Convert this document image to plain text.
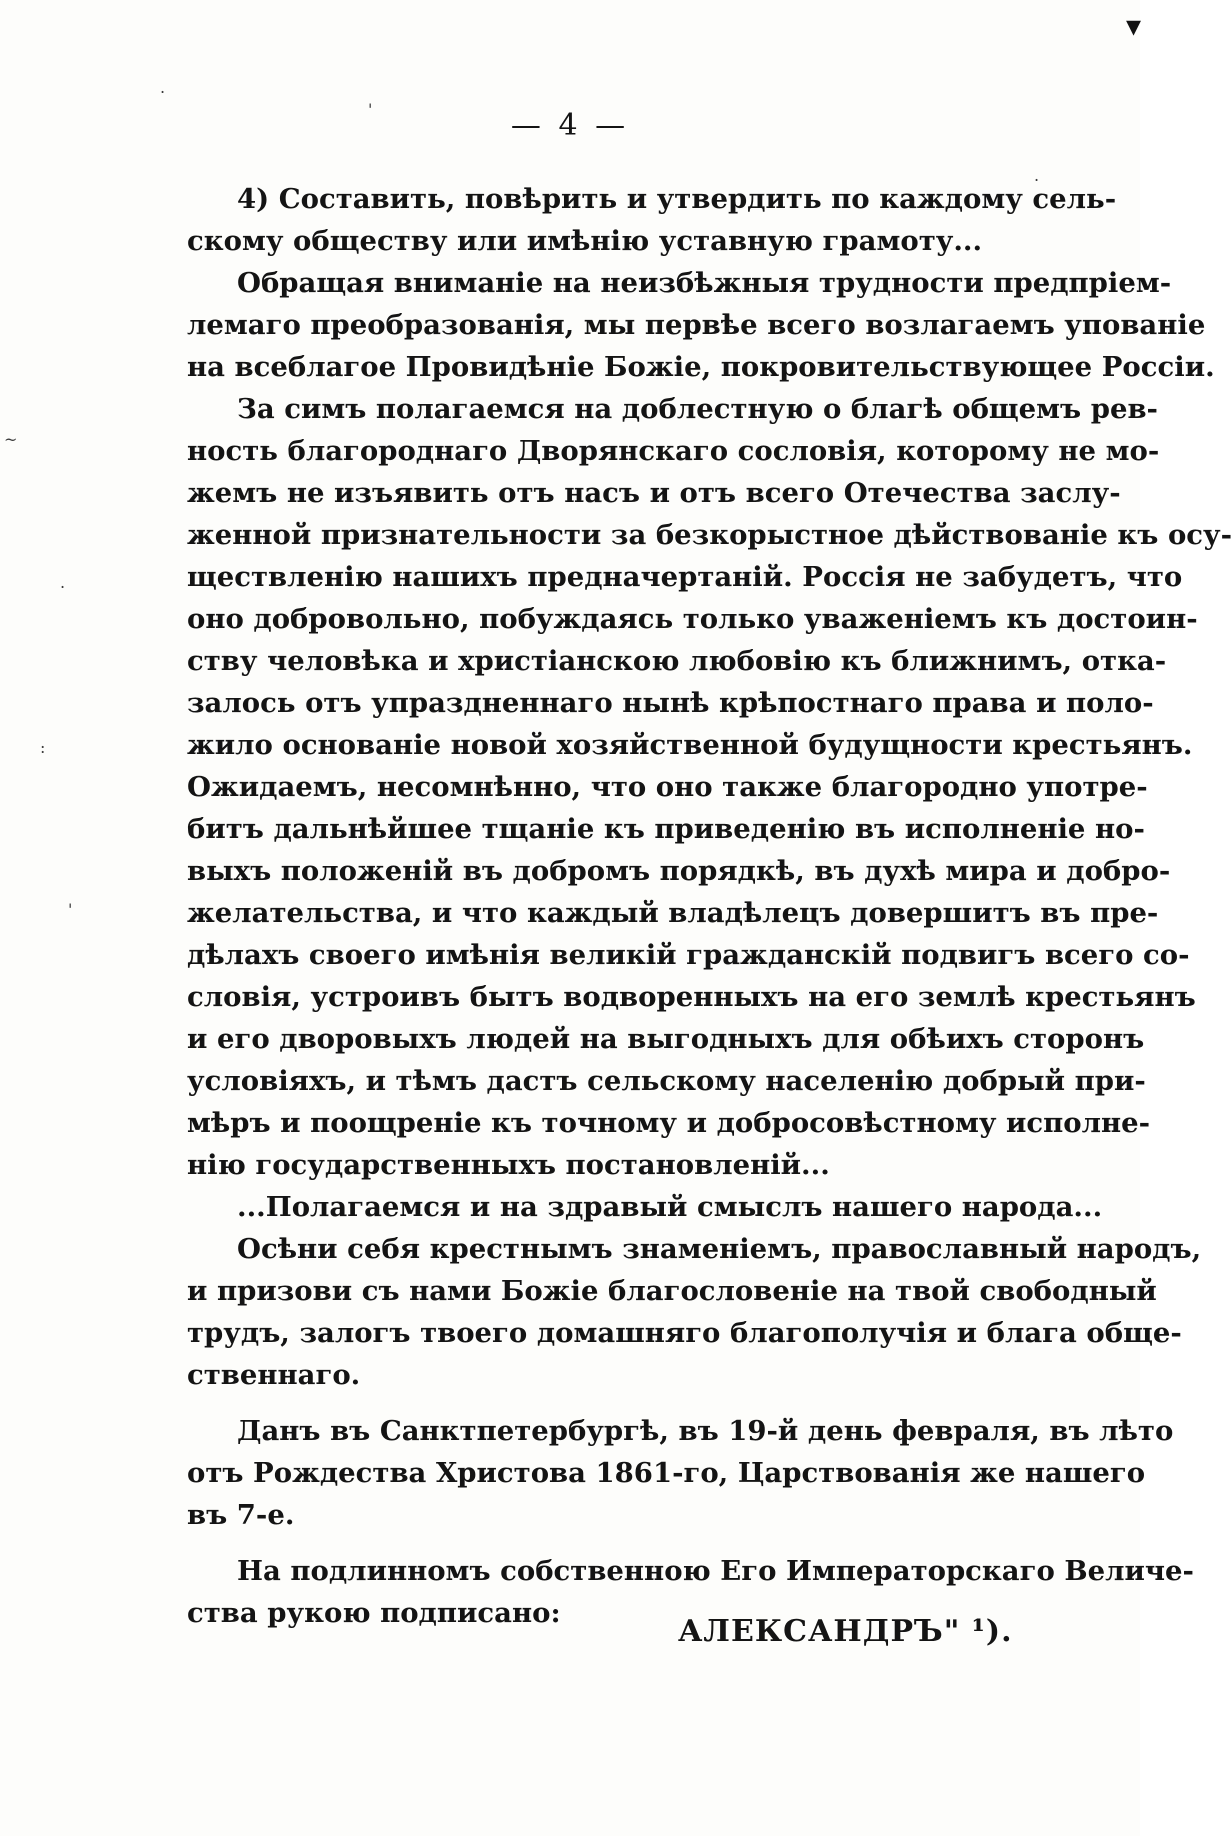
— 4 —
4) Составить, повѣрить и утвердить по каждому сель-
скому обществу или имѣнію уставную грамоту...
Обращая вниманіе на неизбѣжныя трудности предпріем-
лемаго преобразованія, мы первѣе всего возлагаемъ упованіе
на всеблагое Провидѣніе Божіе, покровительствующее Россіи.
За симъ полагаемся на доблестную о благѣ общемъ рев-
ность благороднаго Дворянскаго сословія, которому не мо-
жемъ не изъявить отъ насъ и отъ всего Отечества заслу-
женной признательности за безкорыстное дѣйствованіе къ осу-
ществленію нашихъ предначертаній. Россія не забудетъ, что
оно добровольно, побуждаясь только уваженіемъ къ достоин-
ству человѣка и христіанскою любовію къ ближнимъ, отка-
залось отъ упраздненнаго нынѣ крѣпостнаго права и поло-
жило основаніе новой хозяйственной будущности крестьянъ.
Ожидаемъ, несомнѣнно, что оно также благородно употре-
битъ дальнѣйшее тщаніе къ приведенію въ исполненіе но-
выхъ положеній въ добромъ порядкѣ, въ духѣ мира и добро-
желательства, и что каждый владѣлецъ довершитъ въ пре-
дѣлахъ своего имѣнія великій гражданскій подвигъ всего со-
словія, устроивъ бытъ водворенныхъ на его землѣ крестьянъ
и его дворовыхъ людей на выгодныхъ для обѣихъ сторонъ
условіяхъ, и тѣмъ дастъ сельскому населенію добрый при-
мѣръ и поощреніе къ точному и добросовѣстному исполне-
нію государственныхъ постановленій...
...Полагаемся и на здравый смыслъ нашего народа...
Осѣни себя крестнымъ знаменіемъ, православный народъ,
и призови съ нами Божіе благословеніе на твой свободный
трудъ, залогъ твоего домашняго благополучія и блага обще-
ственнаго.
Данъ въ Санктпетербургѣ, въ 19-й день февраля, въ лѣто
отъ Рождества Христова 1861-го, Царствованія же нашего
въ 7-е.
На подлинномъ собственною Его Императорскаго Величе-
ства рукою подписано:
АЛЕКСАНДРЪ" ¹).
.
'
~
.
:
'
.
▾
